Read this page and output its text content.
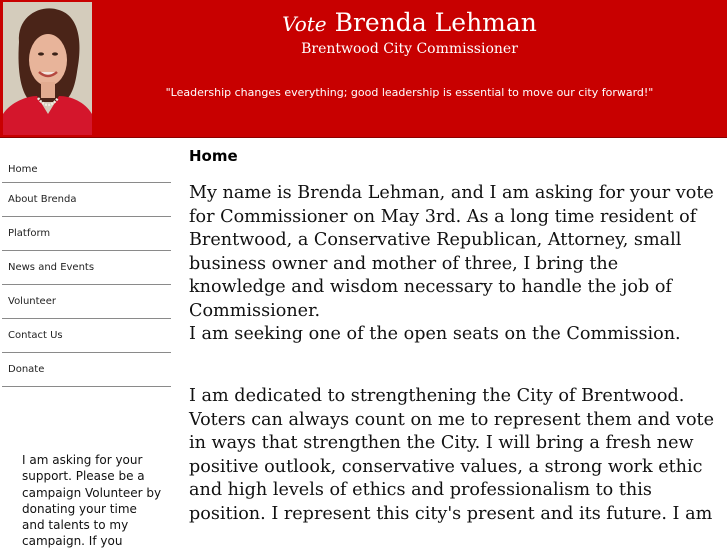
Vote Brenda Lehman
Brentwood City Commissioner
"Leadership changes everything; good leadership is essential to move our city forward!"
Home
About Brenda
Platform
News and Events
Volunteer
Contact Us
Donate
I am asking for your support. Please be a campaign Volunteer by donating your time and talents to my campaign. If you
Home

My name is Brenda Lehman, and I am asking for your vote for Commissioner on May 3rd. As a long time resident of Brentwood, a Conservative Republican, Attorney, small business owner and mother of three, I bring the knowledge and wisdom necessary to handle the job of Commissioner.
I am seeking one of the open seats on the Commission.

I am dedicated to strengthening the City of Brentwood. Voters can always count on me to represent them and vote in ways that strengthen the City. I will bring a fresh new positive outlook, conservative values, a strong work ethic and high levels of ethics and professionalism to this position. I represent this city's present and its future. I am
